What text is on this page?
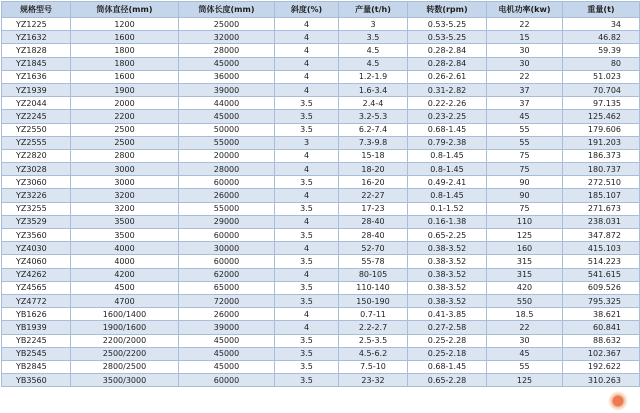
规格型号	筒体直径(mm)	筒体长度(mm)	斜度(%)	产量(t/h)	转数(rpm)	电机功率(kw)	重量(t)
YZ1225	1200	25000	4	3	0.53-5.25	22	34
YZ1632	1600	32000	4	3.5	0.53-5.25	15	46.82
YZ1828	1800	28000	4	4.5	0.28-2.84	30	59.39
YZ1845	1800	45000	4	4.5	0.28-2.84	30	80
YZ1636	1600	36000	4	1.2-1.9	0.26-2.61	22	51.023
YZ1939	1900	39000	4	1.6-3.4	0.31-2.82	37	70.704
YZ2044	2000	44000	3.5	2.4-4	0.22-2.26	37	97.135
YZ2245	2200	45000	3.5	3.2-5.3	0.23-2.25	45	125.462
YZ2550	2500	50000	3.5	6.2-7.4	0.68-1.45	55	179.606
YZ2555	2500	55000	3	7.3-9.8	0.79-2.38	55	191.203
YZ2820	2800	20000	4	15-18	0.8-1.45	75	186.373
YZ3028	3000	28000	4	18-20	0.8-1.45	75	180.737
YZ3060	3000	60000	3.5	16-20	0.49-2.41	90	272.510
YZ3226	3200	26000	4	22-27	0.8-1.45	90	185.107
YZ3255	3200	55000	3.5	17-23	0.1-1.52	75	271.673
YZ3529	3500	29000	4	28-40	0.16-1.38	110	238.031
YZ3560	3500	60000	3.5	28-40	0.65-2.25	125	347.872
YZ4030	4000	30000	4	52-70	0.38-3.52	160	415.103
YZ4060	4000	60000	3.5	55-78	0.38-3.52	315	514.223
YZ4262	4200	62000	4	80-105	0.38-3.52	315	541.615
YZ4565	4500	65000	3.5	110-140	0.38-3.52	420	609.526
YZ4772	4700	72000	3.5	150-190	0.38-3.52	550	795.325
YB1626	1600/1400	26000	4	0.7-11	0.41-3.85	18.5	38.621
YB1939	1900/1600	39000	4	2.2-2.7	0.27-2.58	22	60.841
YB2245	2200/2000	45000	3.5	2.5-3.5	0.25-2.28	30	88.632
YB2545	2500/2200	45000	3.5	4.5-6.2	0.25-2.18	45	102.367
YB2845	2800/2500	45000	3.5	7.5-10	0.68-1.45	55	192.622
YB3560	3500/3000	60000	3.5	23-32	0.65-2.28	125	310.263
